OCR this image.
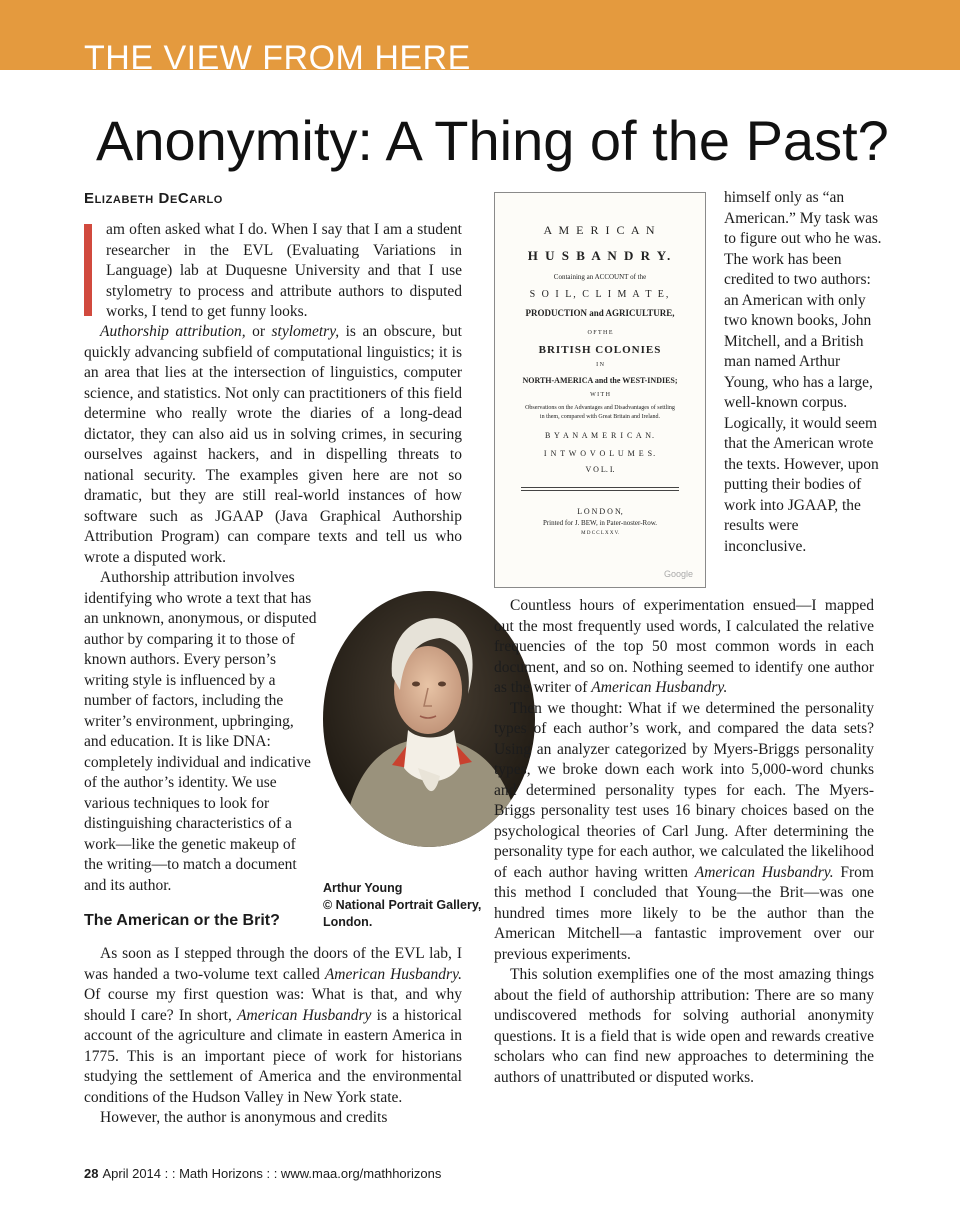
THE VIEW FROM HERE
Anonymity: A Thing of the Past?
Elizabeth DeCarlo

am often asked what I do. When I say that I am a student researcher in the EVL (Evaluating Variations in Language) lab at Duquesne University and that I use stylometry to process and attribute authors to disputed works, I tend to get funny looks.

Authorship attribution, or stylometry, is an obscure, but quickly advancing subfield of computational linguistics; it is an area that lies at the intersection of linguistics, computer science, and statistics. Not only can practitioners of this field determine who really wrote the diaries of a long-dead dictator, they can also aid us in solving crimes, in securing ourselves against hackers, and in dispelling threats to national security. The examples given here are not so dramatic, but they are still real-world instances of how software such as JGAAP (Java Graphical Authorship Attribution Program) can compare texts and tell us who wrote a disputed work.

Authorship attribution involves identifying who wrote a text that has an unknown, anonymous, or disputed author by comparing it to those of known authors. Every person’s writing style is influenced by a number of factors, including the writer’s environment, upbringing, and education. It is like DNA: completely individual and indicative of the author’s identity. We use various techniques to look for distinguishing characteristics of a work—like the genetic makeup of the writing—to match a document and its author.

The American or the Brit?

As soon as I stepped through the doors of the EVL lab, I was handed a two-volume text called American Husbandry. Of course my first question was: What is that, and why should I care? In short, American Husbandry is a historical account of the agriculture and climate in eastern America in 1775. This is an important piece of work for historians studying the settlement of America and the environmental conditions of the Hudson Valley in New York state.

However, the author is anonymous and credits

A M E R I C A N
H U S B A N D R Y.
Containing an ACCOUNT of the
S O I L, C L I M A T E,
PRODUCTION and AGRICULTURE,
O F T H E
BRITISH COLONIES
I N
NORTH-AMERICA and the WEST-INDIES;
W I T H
Observations on the Advantages and Disadvantages of settling
in them, compared with Great Britain and Ireland.
B Y A N A M E R I C A N.
I N T W O V O L U M E S.
V O L. I.
L O N D O N,
Printed for J. BEW, in Pater-noster-Row.
M D C C L X X V.
Google

himself only as “an American.” My task was to figure out who he was. The work has been credited to two authors: an American with only two known books, John Mitchell, and a British man named Arthur Young, who has a large, well-known corpus. Logically, it would seem that the American wrote the texts. However, upon putting their bodies of work into JGAAP, the results were inconclusive.

Arthur Young
© National Portrait Gallery,
London.

Countless hours of experimentation ensued—I mapped out the most frequently used words, I calculated the relative frequencies of the top 50 most common words in each document, and so on. Nothing seemed to identify one author as the writer of American Husbandry.

Then we thought: What if we determined the personality types of each author’s work, and compared the data sets? Using an analyzer categorized by Myers-Briggs personality types, we broke down each work into 5,000-word chunks and determined personality types for each. The Myers-Briggs personality test uses 16 binary choices based on the psychological theories of Carl Jung. After determining the personality type for each author, we calculated the likelihood of each author having written American Husbandry. From this method I concluded that Young—the Brit—was one hundred times more likely to be the author than the American Mitchell—a fantastic improvement over our previous experiments.

This solution exemplifies one of the most amazing things about the field of authorship attribution: There are so many undiscovered methods for solving authorial anonymity questions. It is a field that is wide open and rewards creative scholars who can find new approaches to determining the authors of unattributed or disputed works.

28 April 2014 : : Math Horizons : : www.maa.org/mathhorizons
